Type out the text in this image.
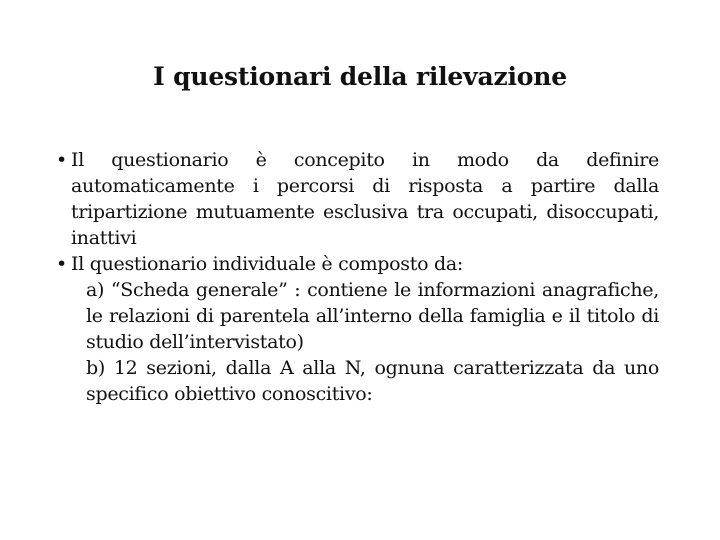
I questionari della rilevazione
• Il questionario è concepito in modo da definire automaticamente i percorsi di risposta a partire dalla tripartizione mutuamente esclusiva tra occupati, disoccupati, inattivi
• Il questionario individuale è composto da:
a) “Scheda generale” : contiene le informazioni anagrafiche, le relazioni di parentela all’interno della famiglia e il titolo di studio dell’intervistato)
b) 12 sezioni, dalla A alla N, ognuna caratterizzata da uno specifico obiettivo conoscitivo:
